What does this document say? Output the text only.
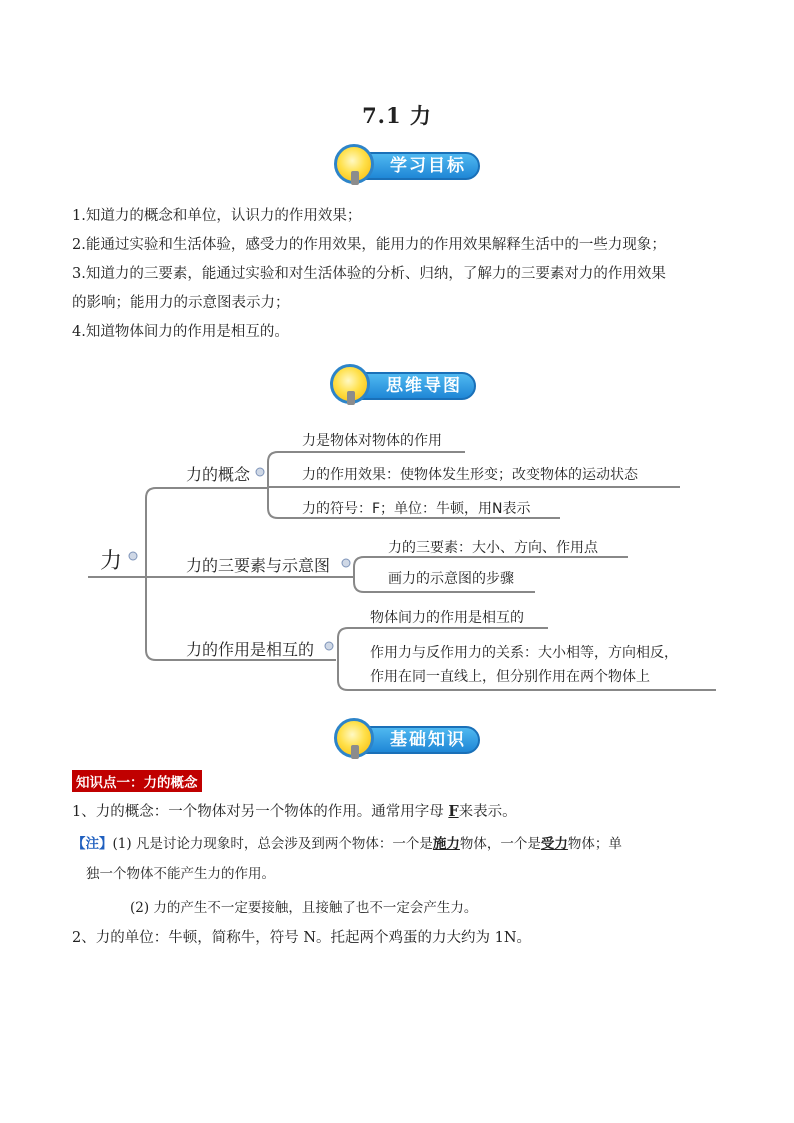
7.1 力
学习目标

1.知道力的概念和单位，认识力的作用效果；

2.能通过实验和生活体验，感受力的作用效果，能用力的作用效果解释生活中的一些力现象；

3.知道力的三要素，能通过实验和对生活体验的分析、归纳，了解力的三要素对力的作用效果

的影响；能用力的示意图表示力；

4.知道物体间力的作用是相互的。

思维导图
力
力的概念
力是物体对物体的作用
力的作用效果：使物体发生形变；改变物体的运动状态
力的符号：F；单位：牛顿，用N表示
力的三要素与示意图
力的三要素：大小、方向、作用点
画力的示意图的步骤
力的作用是相互的
物体间力的作用是相互的
作用力与反作用力的关系：大小相等，方向相反，
作用在同一直线上，但分别作用在两个物体上
基础知识
知识点一：力的概念
1、力的概念：一个物体对另一个物体的作用。通常用字母 F来表示。
【注】(1) 凡是讨论力现象时，总会涉及到两个物体：一个是施力物体，一个是受力物体；单
独一个物体不能产生力的作用。
(2) 力的产生不一定要接触，且接触了也不一定会产生力。
2、力的单位：牛顿，简称牛，符号 N。托起两个鸡蛋的力大约为 1N。
